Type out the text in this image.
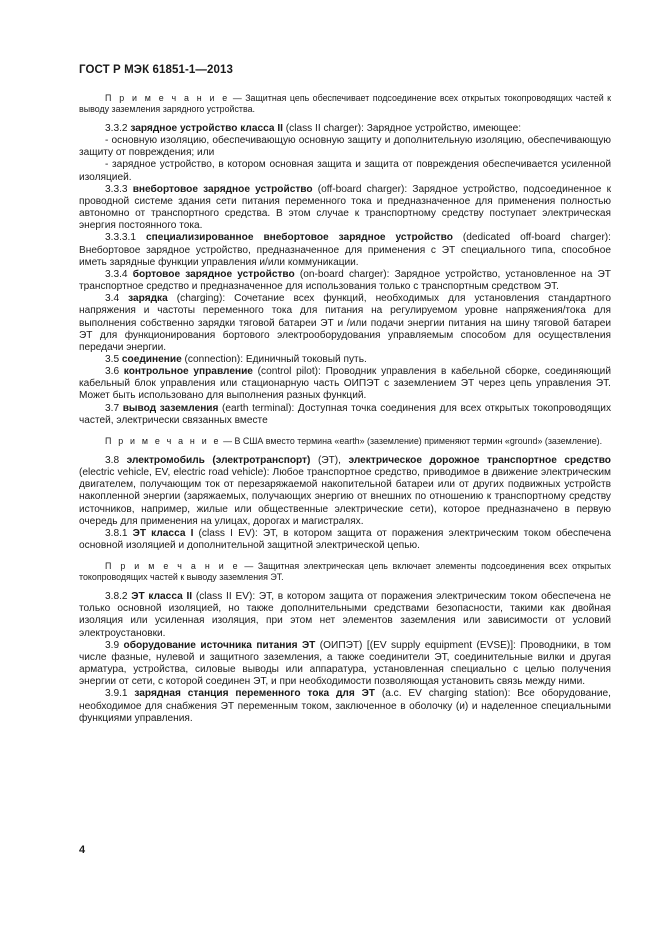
ГОСТ Р МЭК 61851-1—2013

П р и м е ч а н и е — Защитная цепь обеспечивает подсоединение всех открытых токопроводящих частей к выводу заземления зарядного устройства.

3.3.2 зарядное устройство класса II (class II charger): Зарядное устройство, имеющее:

- основную изоляцию, обеспечивающую основную защиту и дополнительную изоляцию, обеспечивающую защиту от повреждения; или

- зарядное устройство, в котором основная защита и защита от повреждения обеспечивается усиленной изоляцией.

3.3.3 внебортовое зарядное устройство (off-board charger): Зарядное устройство, подсоединенное к проводной системе здания сети питания переменного тока и предназначенное для применения полностью автономно от транспортного средства. В этом случае к транспортному средству поступает электрическая энергия постоянного тока.

3.3.3.1 специализированное внебортовое зарядное устройство (dedicated off-board charger): Внебортовое зарядное устройство, предназначенное для применения с ЭТ специального типа, способное иметь зарядные функции управления и/или коммуникации.

3.3.4 бортовое зарядное устройство (on-board charger): Зарядное устройство, установленное на ЭТ транспортное средство и предназначенное для использования только с транспортным средством ЭТ.

3.4 зарядка (charging): Сочетание всех функций, необходимых для установления стандартного напряжения и частоты переменного тока для питания на регулируемом уровне напряжения/тока для выполнения собственно зарядки тяговой батареи ЭТ и /или подачи энергии питания на шину тяговой батареи ЭТ для функционирования бортового электрооборудования управляемым способом для осуществления передачи энергии.

3.5 соединение (connection): Единичный токовый путь.

3.6 контрольное управление (control pilot): Проводник управления в кабельной сборке, соединяющий кабельный блок управления или стационарную часть ОИПЭТ с заземлением ЭТ через цепь управления ЭТ. Может быть использовано для выполнения разных функций.

3.7 вывод заземления (earth terminal): Доступная точка соединения для всех открытых токопроводящих частей, электрически связанных вместе

П р и м е ч а н и е — В США вместо термина «earth» (заземление) применяют термин «ground» (заземление).

3.8 электромобиль (электротранспорт) (ЭТ), электрическое дорожное транспортное средство (electric vehicle, EV, electric road vehicle): Любое транспортное средство, приводимое в движение электрическим двигателем, получающим ток от перезаряжаемой накопительной батареи или от других подвижных устройств накопленной энергии (заряжаемых, получающих энергию от внешних по отношению к транспортному средству источников, например, жилые или общественные электрические сети), которое предназначено в первую очередь для применения на улицах, дорогах и магистралях.

3.8.1 ЭТ класса I (class I EV): ЭТ, в котором защита от поражения электрическим током обеспечена основной изоляцией и дополнительной защитной электрической цепью.

П р и м е ч а н и е — Защитная электрическая цепь включает элементы подсоединения всех открытых токопроводящих частей к выводу заземления ЭТ.

3.8.2 ЭТ класса II (class II EV): ЭТ, в котором защита от поражения электрическим током обеспечена не только основной изоляцией, но также дополнительными средствами безопасности, такими как двойная изоляция или усиленная изоляция, при этом нет элементов заземления или зависимости от условий электроустановки.

3.9 оборудование источника питания ЭТ (ОИПЭТ) [(EV supply equipment (EVSE)]: Проводники, в том числе фазные, нулевой и защитного заземления, а также соединители ЭТ, соединительные вилки и другая арматура, устройства, силовые выводы или аппаратура, установленная специально с целью получения энергии от сети, с которой соединен ЭТ, и при необходимости позволяющая установить связь между ними.

3.9.1 зарядная станция переменного тока для ЭТ (a.c. EV charging station): Все оборудование, необходимое для снабжения ЭТ переменным током, заключенное в оболочку (и) и наделенное специальными функциями управления.

4
